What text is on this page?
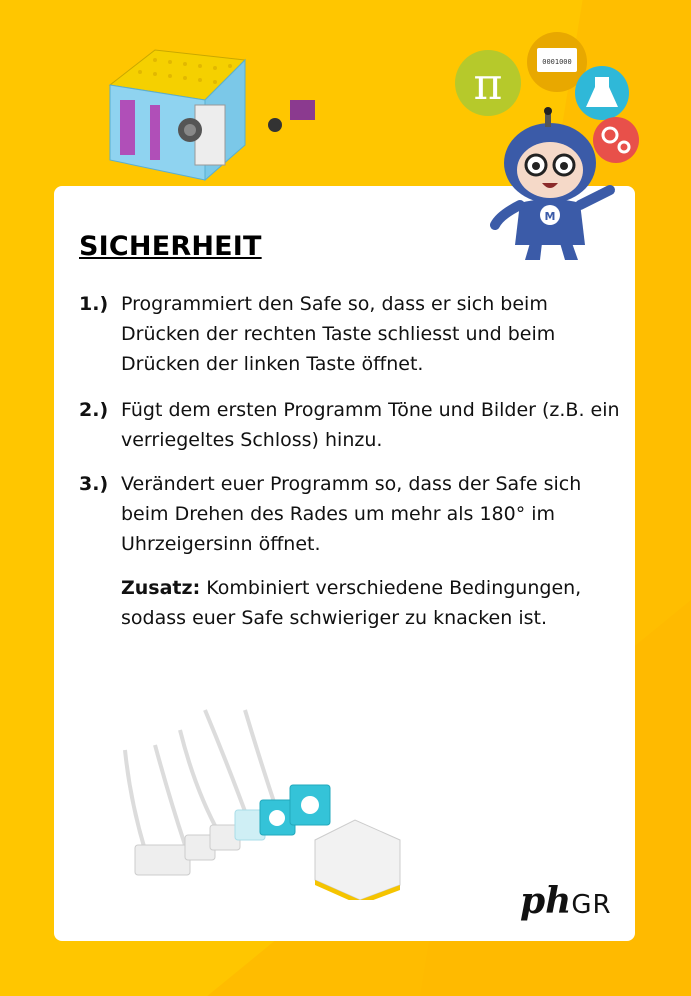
π	0001000
M
SICHERHEIT
1.) Programmiert den Safe so, dass er sich beim Drücken der rechten Taste schliesst und beim Drücken der linken Taste öffnet.
2.) Fügt dem ersten Programm Töne und Bilder (z.B. ein verriegeltes Schloss) hinzu.
3.) Verändert euer Programm so, dass der Safe sich beim Drehen des Rades um mehr als 180° im Uhrzeigersinn öffnet.
Zusatz: Kombiniert verschiedene Bedingungen, sodass euer Safe schwieriger zu knacken ist.
phGR
